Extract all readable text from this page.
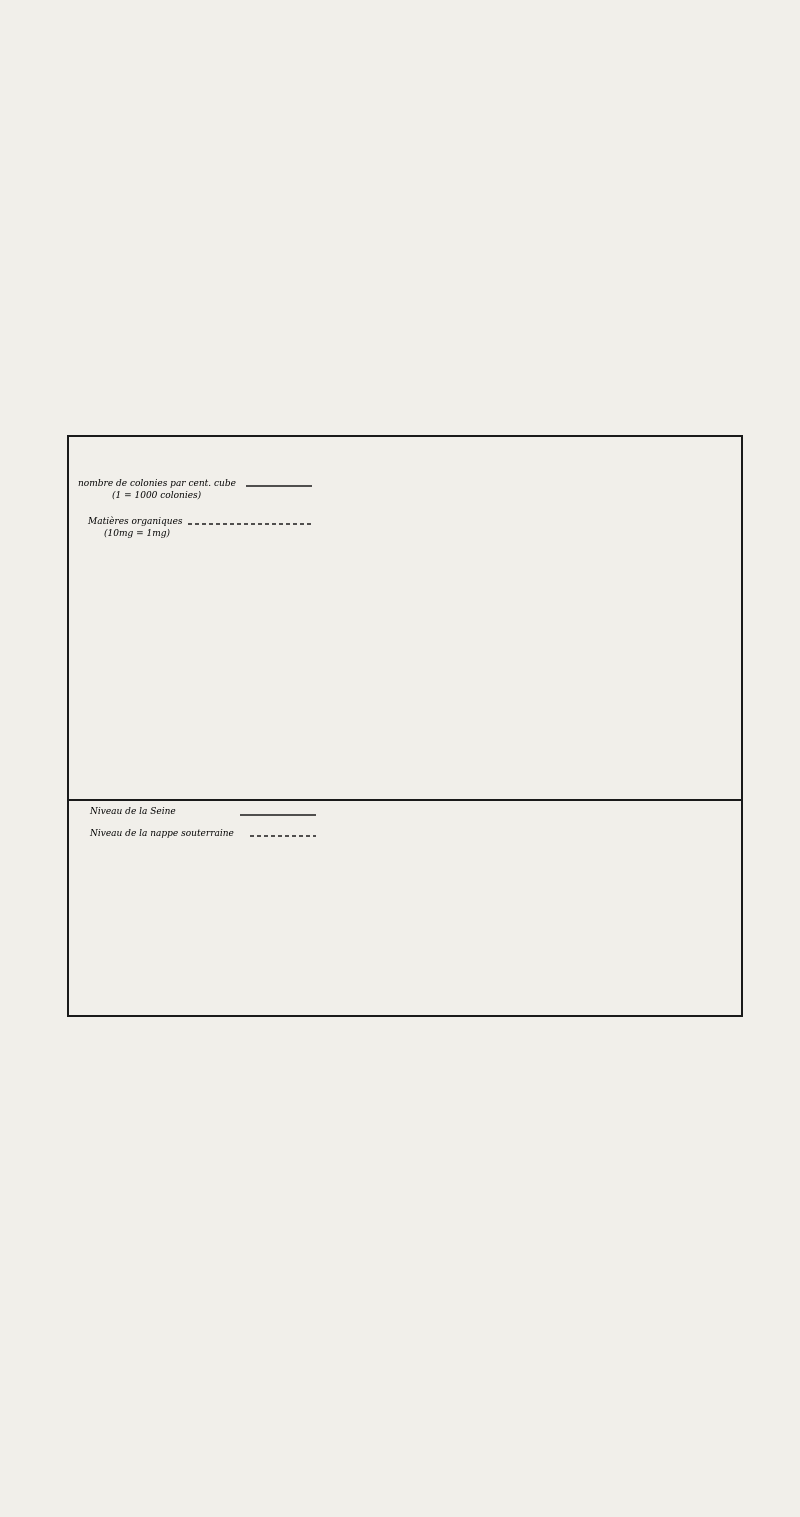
nombre de colonies par cent. cube
(1 = 1000 colonies)
Matières organiques
(10mg = 1mg)
Niveau de la Seine
Niveau de la nappe souterraine
